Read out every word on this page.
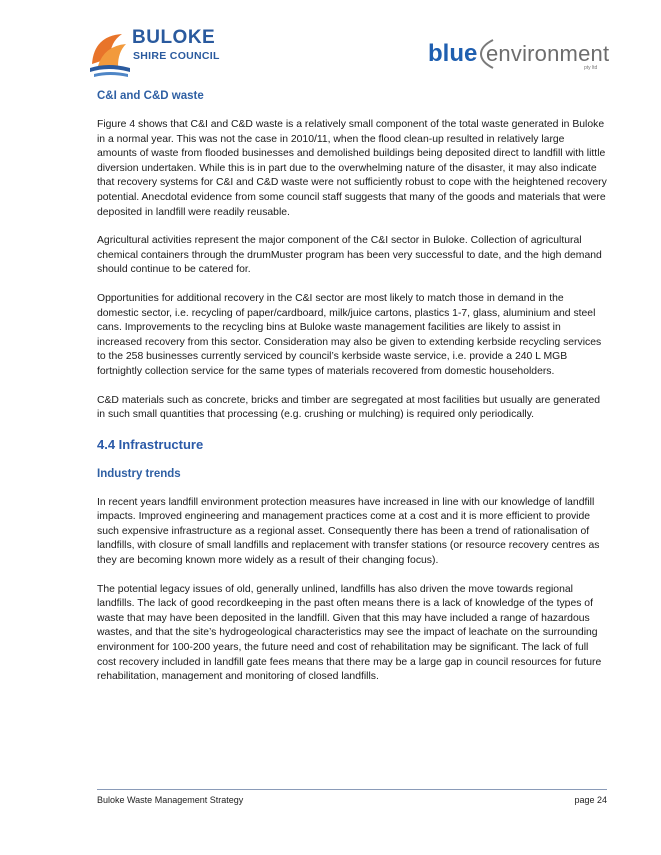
BULOKE
SHIRE COUNCIL	blue environment
pty ltd
C&I and C&D waste

Figure 4 shows that C&I and C&D waste is a relatively small component of the total waste generated in Buloke in a normal year. This was not the case in 2010/11, when the flood clean-up resulted in relatively large amounts of waste from flooded businesses and demolished buildings being deposited direct to landfill with little diversion undertaken. While this is in part due to the overwhelming nature of the disaster, it may also indicate that recovery systems for C&I and C&D waste were not sufficiently robust to cope with the heightened recovery potential. Anecdotal evidence from some council staff suggests that many of the goods and materials that were deposited in landfill were readily reusable.

Agricultural activities represent the major component of the C&I sector in Buloke. Collection of agricultural chemical containers through the drumMuster program has been very successful to date, and the high demand should continue to be catered for.

Opportunities for additional recovery in the C&I sector are most likely to match those in demand in the domestic sector, i.e. recycling of paper/cardboard, milk/juice cartons, plastics 1-7, glass, aluminium and steel cans. Improvements to the recycling bins at Buloke waste management facilities are likely to assist in increased recovery from this sector. Consideration may also be given to extending kerbside recycling services to the 258 businesses currently serviced by council’s kerbside waste service, i.e. provide a 240 L MGB fortnightly collection service for the same types of materials recovered from domestic householders.

C&D materials such as concrete, bricks and timber are segregated at most facilities but usually are generated in such small quantities that processing (e.g. crushing or mulching) is required only periodically.

4.4 Infrastructure
Industry trends

In recent years landfill environment protection measures have increased in line with our knowledge of landfill impacts. Improved engineering and management practices come at a cost and it is more efficient to provide such expensive infrastructure as a regional asset. Consequently there has been a trend of rationalisation of landfills, with closure of small landfills and replacement with transfer stations (or resource recovery centres as they are becoming known more widely as a result of their changing focus).

The potential legacy issues of old, generally unlined, landfills has also driven the move towards regional landfills. The lack of good recordkeeping in the past often means there is a lack of knowledge of the types of waste that may have been deposited in the landfill. Given that this may have included a range of hazardous wastes, and that the site’s hydrogeological characteristics may see the impact of leachate on the surrounding environment for 100-200 years, the future need and cost of rehabilitation may be significant. The lack of full cost recovery included in landfill gate fees means that there may be a large gap in council resources for future rehabilitation, management and monitoring of closed landfills.

Buloke Waste Management Strategy	page 24
